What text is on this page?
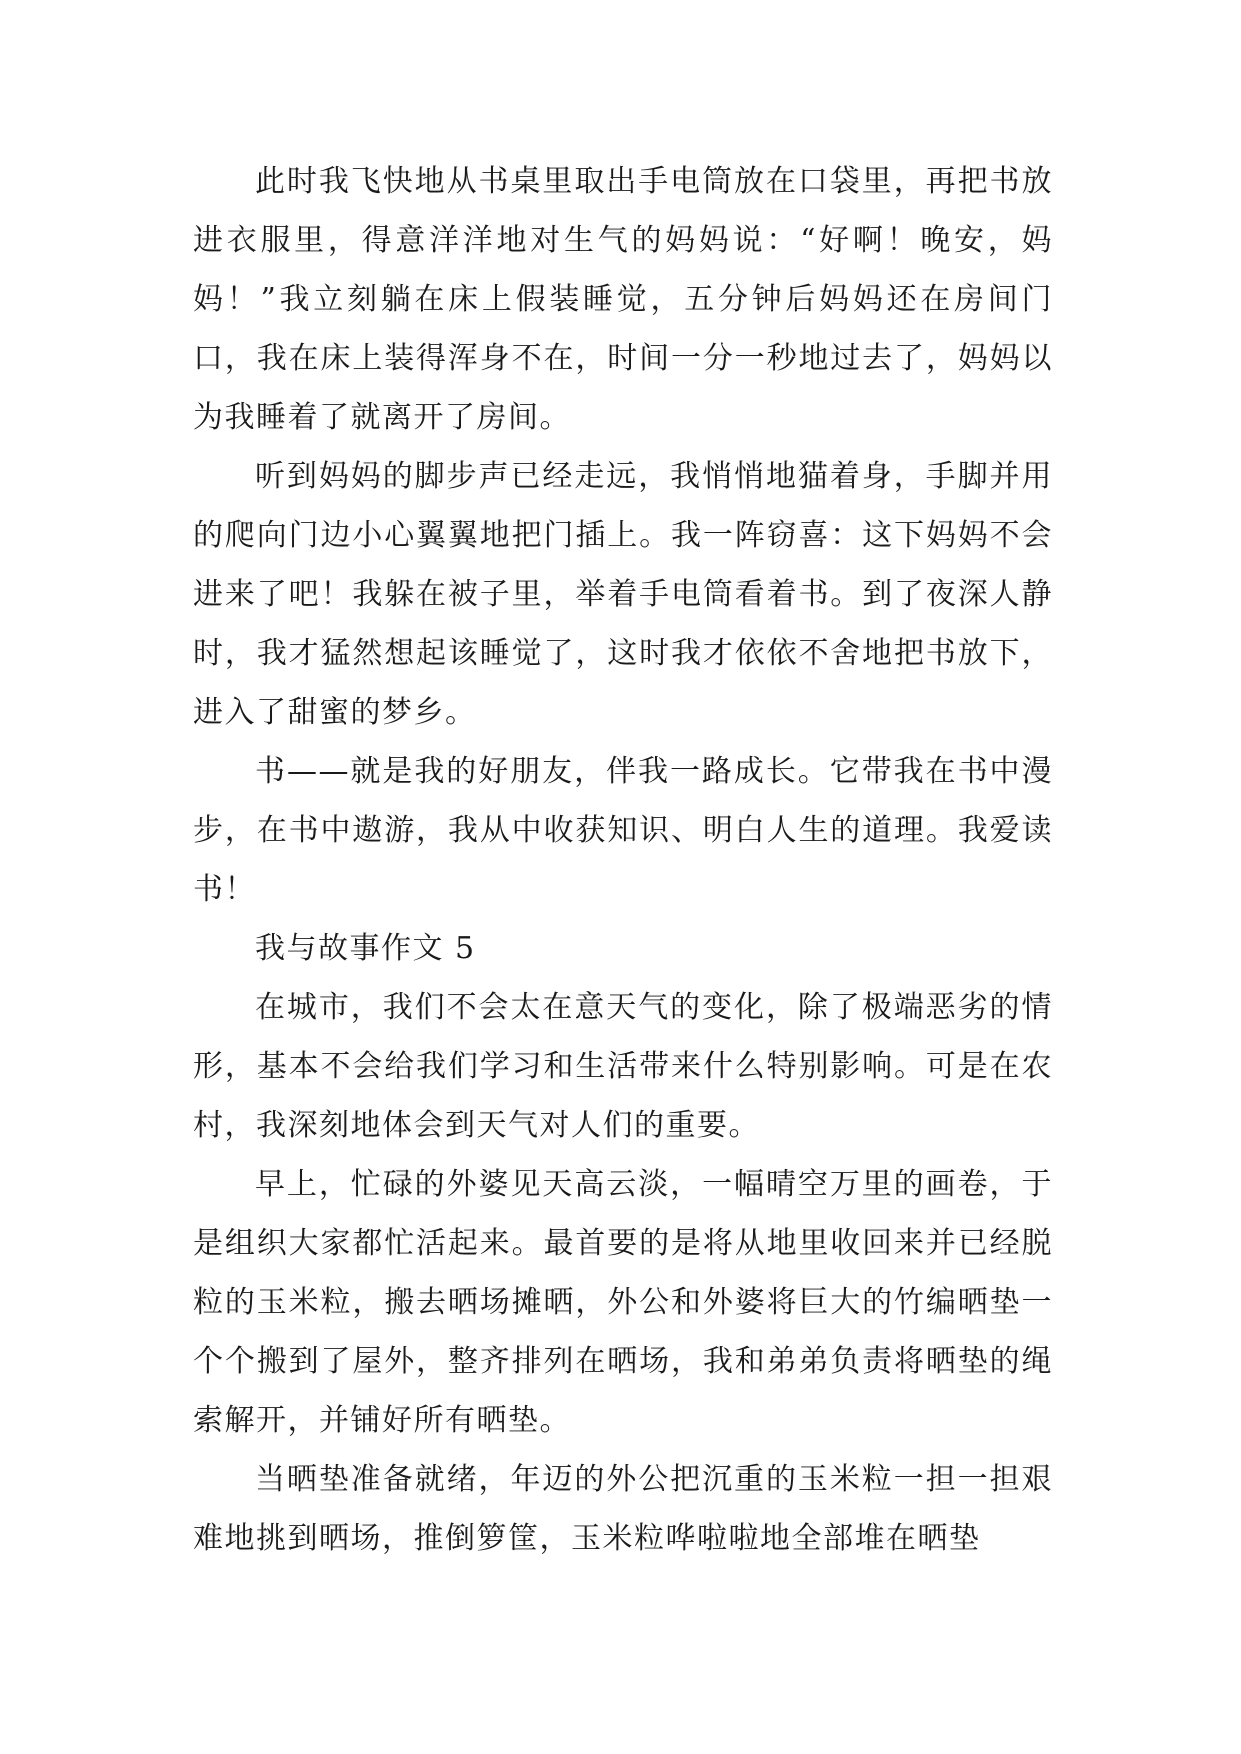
此时我飞快地从书桌里取出手电筒放在口袋里，再把书放进衣服里，得意洋洋地对生气的妈妈说：“好啊！晚安，妈妈！”我立刻躺在床上假装睡觉，五分钟后妈妈还在房间门口，我在床上装得浑身不在，时间一分一秒地过去了，妈妈以为我睡着了就离开了房间。

听到妈妈的脚步声已经走远，我悄悄地猫着身，手脚并用的爬向门边小心翼翼地把门插上。我一阵窃喜：这下妈妈不会进来了吧！我躲在被子里，举着手电筒看着书。到了夜深人静时，我才猛然想起该睡觉了，这时我才依依不舍地把书放下，进入了甜蜜的梦乡。

书——就是我的好朋友，伴我一路成长。它带我在书中漫步，在书中遨游，我从中收获知识、明白人生的道理。我爱读书！

我与故事作文 5

在城市，我们不会太在意天气的变化，除了极端恶劣的情形，基本不会给我们学习和生活带来什么特别影响。可是在农村，我深刻地体会到天气对人们的重要。

早上，忙碌的外婆见天高云淡，一幅晴空万里的画卷，于是组织大家都忙活起来。最首要的是将从地里收回来并已经脱粒的玉米粒，搬去晒场摊晒，外公和外婆将巨大的竹编晒垫一个个搬到了屋外，整齐排列在晒场，我和弟弟负责将晒垫的绳索解开，并铺好所有晒垫。

当晒垫准备就绪，年迈的外公把沉重的玉米粒一担一担艰难地挑到晒场，推倒箩筐，玉米粒哗啦啦地全部堆在晒垫
